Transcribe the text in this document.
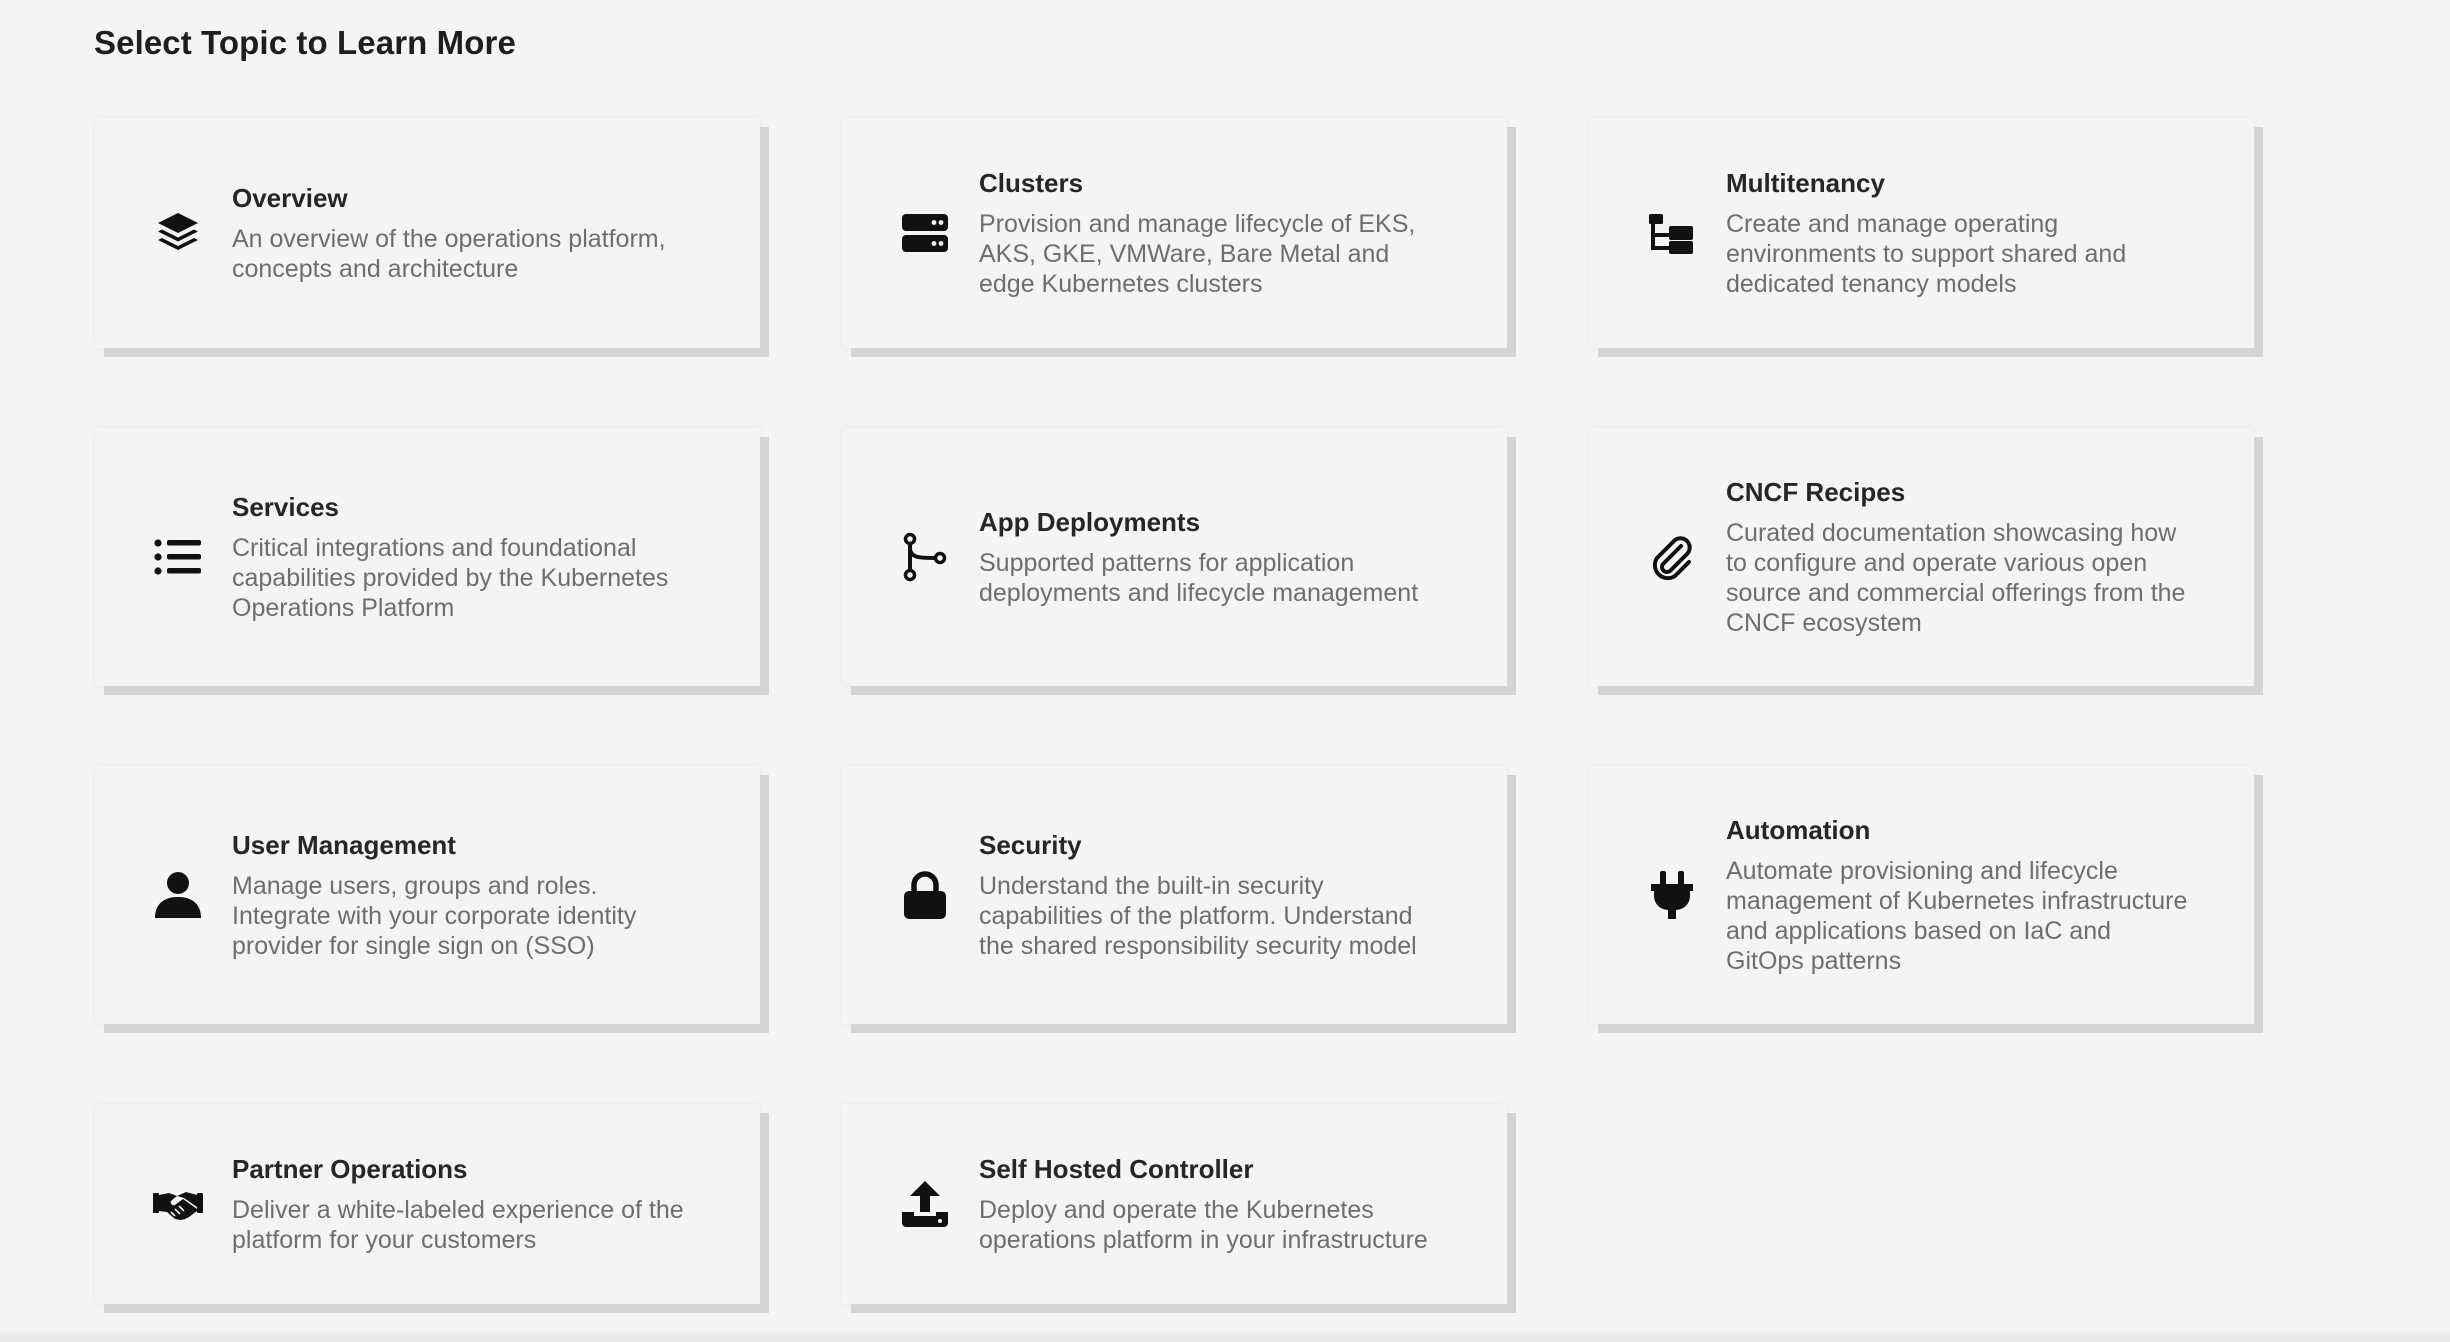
Select Topic to Learn More
Overview

An overview of the operations platform, concepts and architecture

Clusters

Provision and manage lifecycle of EKS, AKS, GKE, VMWare, Bare Metal and edge Kubernetes clusters

Multitenancy

Create and manage operating environments to support shared and dedicated tenancy models

Services

Critical integrations and foundational capabilities provided by the Kubernetes Operations Platform

App Deployments

Supported patterns for application deployments and lifecycle management

CNCF Recipes

Curated documentation showcasing how to configure and operate various open source and commercial offerings from the CNCF ecosystem

User Management

Manage users, groups and roles. Integrate with your corporate identity provider for single sign on (SSO)

Security

Understand the built-in security capabilities of the platform. Understand the shared responsibility security model

Automation

Automate provisioning and lifecycle management of Kubernetes infrastructure and applications based on IaC and GitOps patterns

Partner Operations

Deliver a white-labeled experience of the platform for your customers

Self Hosted Controller

Deploy and operate the Kubernetes operations platform in your infrastructure
